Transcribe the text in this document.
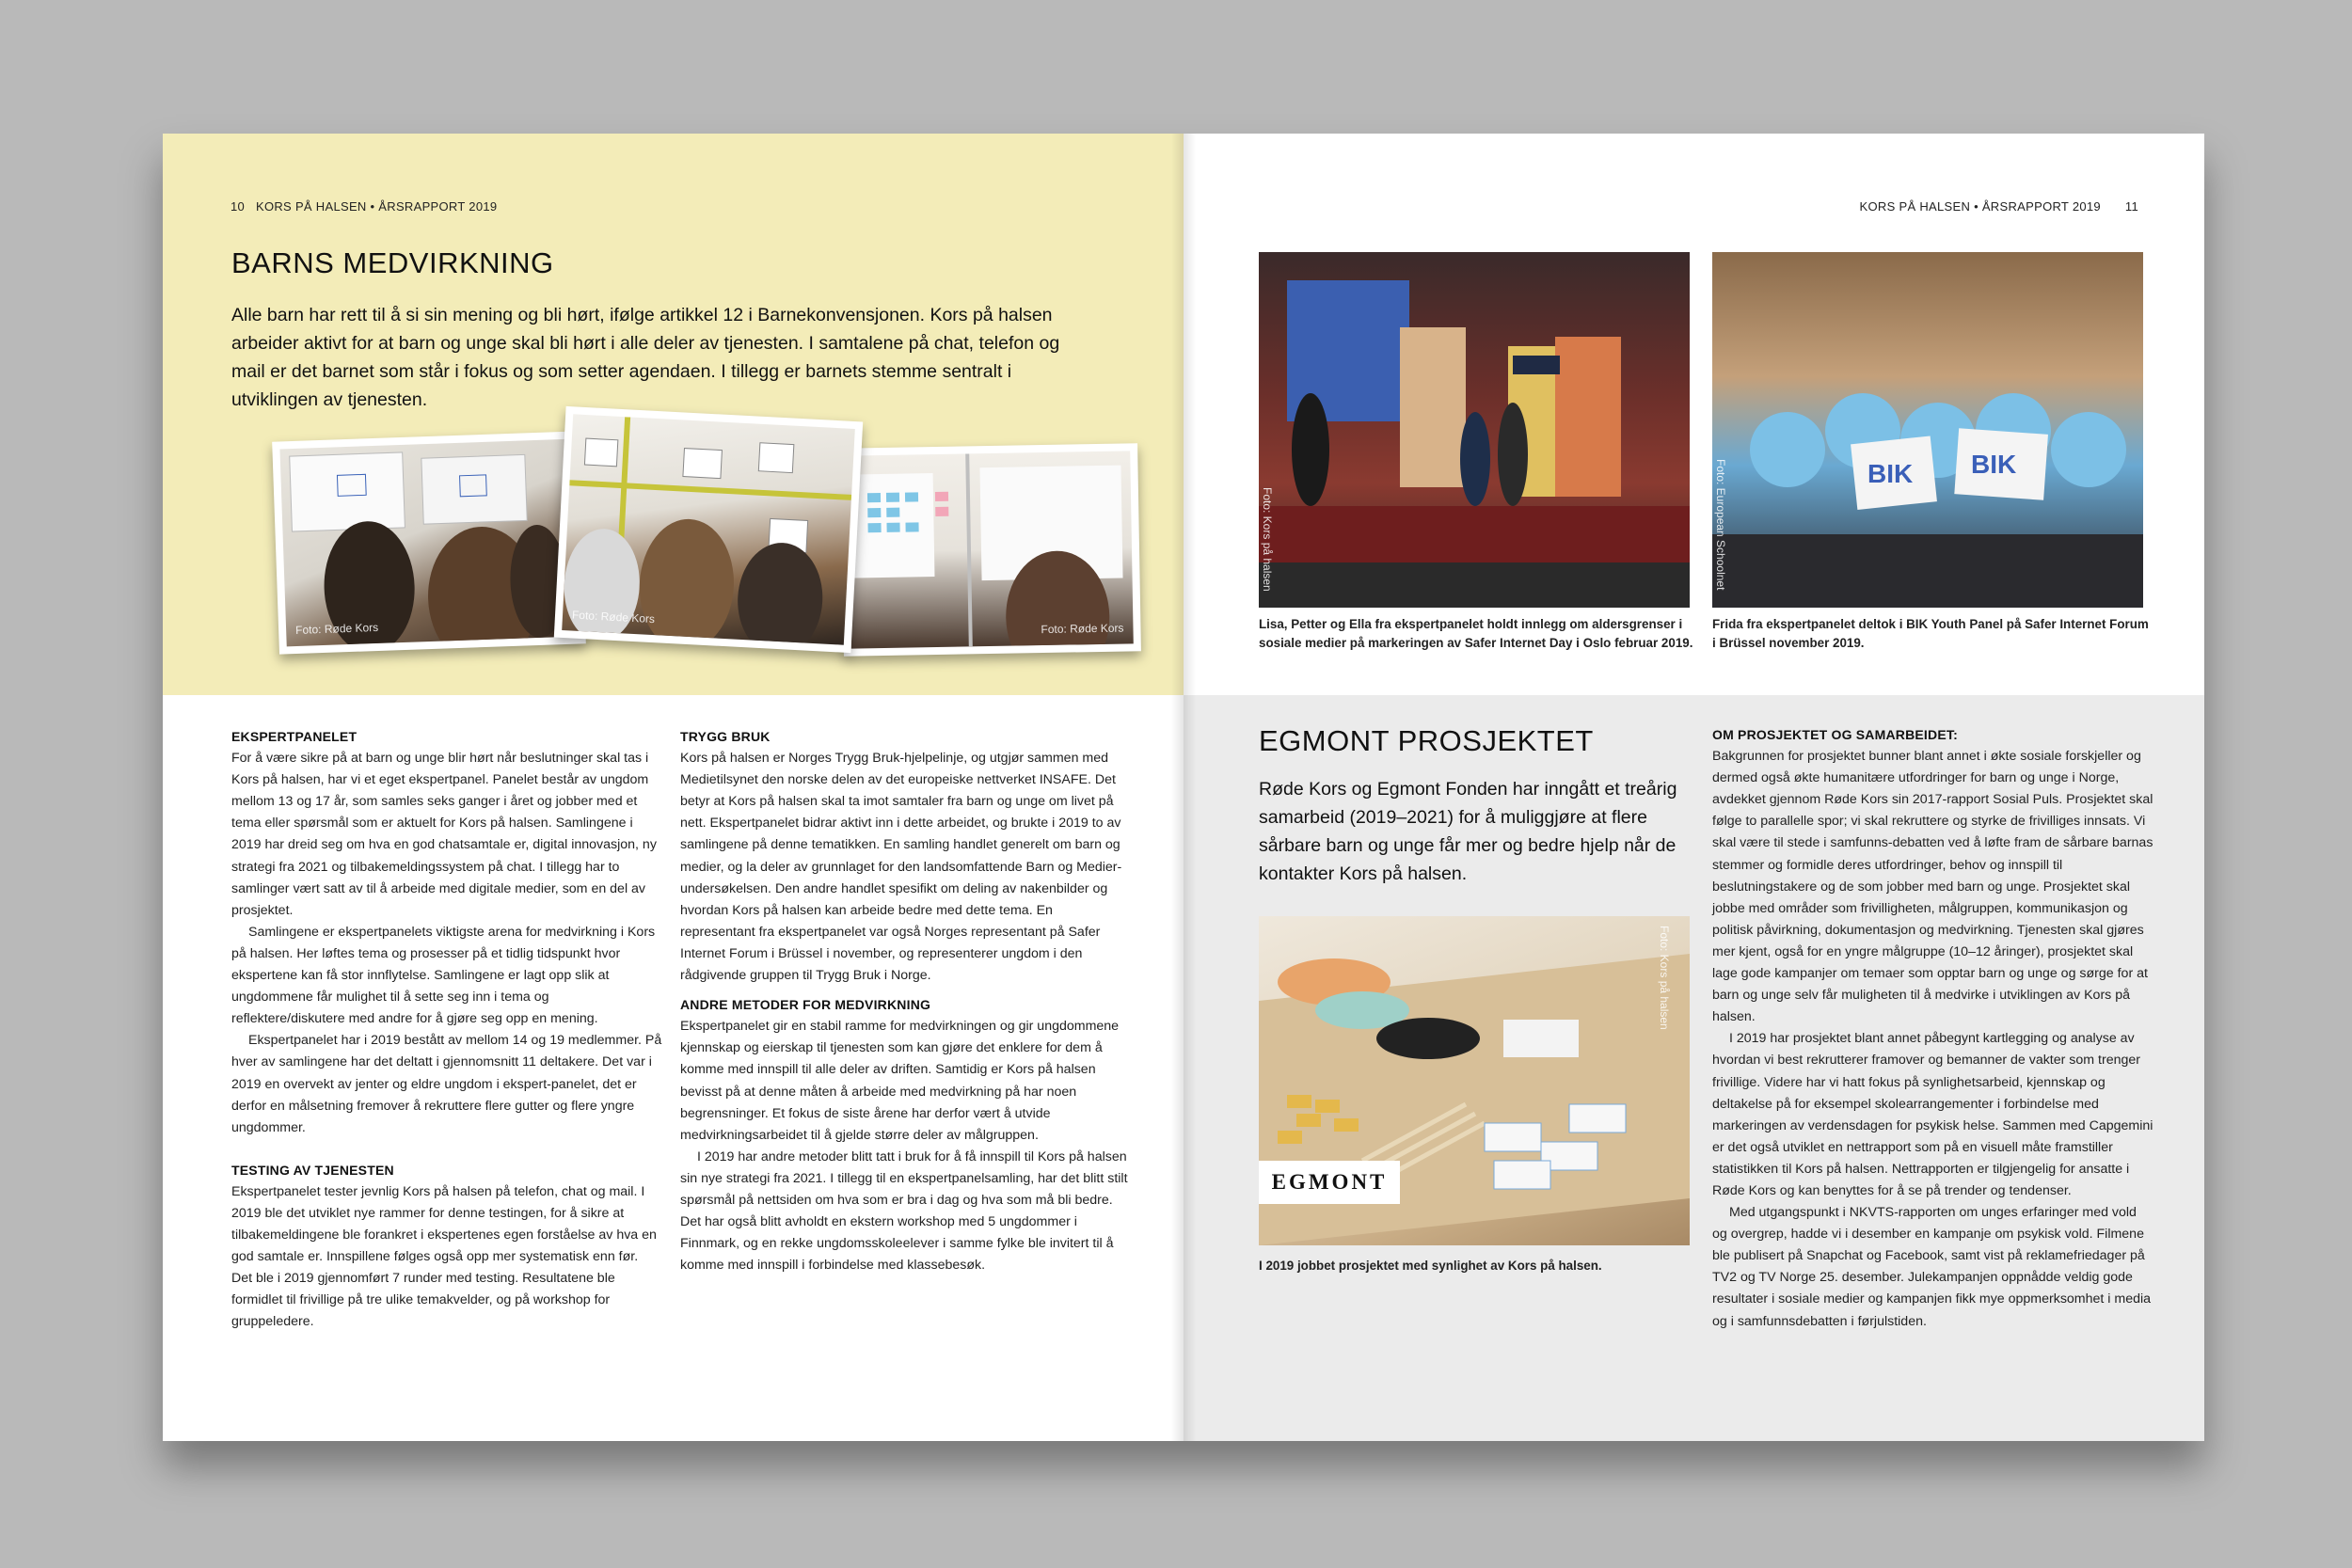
10 KORS PÅ HALSEN • ÅRSRAPPORT 2019
BARNS MEDVIRKNING

Alle barn har rett til å si sin mening og bli hørt, ifølge artikkel 12 i Barnekonvensjonen. Kors på halsen arbeider aktivt for at barn og unge skal bli hørt i alle deler av tjenesten. I samtalene på chat, telefon og mail er det barnet som står i fokus og som setter agendaen. I tillegg er barnets stemme sentralt i utviklingen av tjenesten.

Foto: Røde Kors
Foto: Røde Kors
Foto: Røde Kors
EKSPERTPANELET

For å være sikre på at barn og unge blir hørt når beslutninger skal tas i Kors på halsen, har vi et eget ekspertpanel. Panelet består av ungdom mellom 13 og 17 år, som samles seks ganger i året og jobber med et tema eller spørsmål som er aktuelt for Kors på halsen. Samlingene i 2019 har dreid seg om hva en god chatsamtale er, digital innovasjon, ny strategi fra 2021 og tilbakemeldingssystem på chat. I tillegg har to samlinger vært satt av til å arbeide med digitale medier, som en del av prosjektet.

Samlingene er ekspertpanelets viktigste arena for medvirkning i Kors på halsen. Her løftes tema og prosesser på et tidlig tidspunkt hvor ekspertene kan få stor innflytelse. Samlingene er lagt opp slik at ungdommene får mulighet til å sette seg inn i tema og reflektere/diskutere med andre for å gjøre seg opp en mening.

Ekspertpanelet har i 2019 bestått av mellom 14 og 19 medlemmer. På hver av samlingene har det deltatt i gjennomsnitt 11 deltakere. Det var i 2019 en overvekt av jenter og eldre ungdom i ekspert-panelet, det er derfor en målsetning fremover å rekruttere flere gutter og flere yngre ungdommer.

TESTING AV TJENESTEN

Ekspertpanelet tester jevnlig Kors på halsen på telefon, chat og mail. I 2019 ble det utviklet nye rammer for denne testingen, for å sikre at tilbakemeldingene ble forankret i ekspertenes egen forståelse av hva en god samtale er. Innspillene følges også opp mer systematisk enn før. Det ble i 2019 gjennomført 7 runder med testing. Resultatene ble formidlet til frivillige på tre ulike temakvelder, og på workshop for gruppeledere.

TRYGG BRUK

Kors på halsen er Norges Trygg Bruk-hjelpelinje, og utgjør sammen med Medietilsynet den norske delen av det europeiske nettverket INSAFE. Det betyr at Kors på halsen skal ta imot samtaler fra barn og unge om livet på nett. Ekspertpanelet bidrar aktivt inn i dette arbeidet, og brukte i 2019 to av samlingene på denne tematikken. En samling handlet generelt om barn og medier, og la deler av grunnlaget for den landsomfattende Barn og Medier-undersøkelsen. Den andre handlet spesifikt om deling av nakenbilder og hvordan Kors på halsen kan arbeide bedre med dette tema. En representant fra ekspertpanelet var også Norges representant på Safer Internet Forum i Brüssel i november, og representerer ungdom i den rådgivende gruppen til Trygg Bruk i Norge.

ANDRE METODER FOR MEDVIRKNING

Ekspertpanelet gir en stabil ramme for medvirkningen og gir ungdommene kjennskap og eierskap til tjenesten som kan gjøre det enklere for dem å komme med innspill til alle deler av driften. Samtidig er Kors på halsen bevisst på at denne måten å arbeide med medvirkning på har noen begrensninger. Et fokus de siste årene har derfor vært å utvide medvirkningsarbeidet til å gjelde større deler av målgruppen.

I 2019 har andre metoder blitt tatt i bruk for å få innspill til Kors på halsen sin nye strategi fra 2021. I tillegg til en ekspertpanelsamling, har det blitt stilt spørsmål på nettsiden om hva som er bra i dag og hva som må bli bedre. Det har også blitt avholdt en ekstern workshop med 5 ungdommer i Finnmark, og en rekke ungdomsskoleelever i samme fylke ble invitert til å komme med innspill i forbindelse med klassebesøk.

KORS PÅ HALSEN • ÅRSRAPPORT 2019 11
Foto: Kors på halsen
Lisa, Petter og Ella fra ekspertpanelet holdt innlegg om aldersgrenser i sosiale medier på markeringen av Safer Internet Day i Oslo februar 2019.
BIK BIK
Foto: European Schoolnet
Frida fra ekspertpanelet deltok i BIK Youth Panel på Safer Internet Forum i Brüssel november 2019.
EGMONT PROSJEKTET

Røde Kors og Egmont Fonden har inngått et treårig samarbeid (2019–2021) for å muliggjøre at flere sårbare barn og unge får mer og bedre hjelp når de kontakter Kors på halsen.

EGMONT
I 2019 jobbet prosjektet med synlighet av Kors på halsen.
OM PROSJEKTET OG SAMARBEIDET:

Bakgrunnen for prosjektet bunner blant annet i økte sosiale forskjeller og dermed også økte humanitære utfordringer for barn og unge i Norge, avdekket gjennom Røde Kors sin 2017-rapport Sosial Puls. Prosjektet skal følge to parallelle spor; vi skal rekruttere og styrke de frivilliges innsats. Vi skal være til stede i samfunns-debatten ved å løfte fram de sårbare barnas stemmer og formidle deres utfordringer, behov og innspill til beslutningstakere og de som jobber med barn og unge. Prosjektet skal jobbe med områder som frivilligheten, målgruppen, kommunikasjon og politisk påvirkning, dokumentasjon og medvirkning. Tjenesten skal gjøres mer kjent, også for en yngre målgruppe (10–12 åringer), prosjektet skal lage gode kampanjer om temaer som opptar barn og unge og sørge for at barn og unge selv får muligheten til å medvirke i utviklingen av Kors på halsen.

I 2019 har prosjektet blant annet påbegynt kartlegging og analyse av hvordan vi best rekrutterer framover og bemanner de vakter som trenger frivillige. Videre har vi hatt fokus på synlighetsarbeid, kjennskap og deltakelse på for eksempel skolearrangementer i forbindelse med markeringen av verdensdagen for psykisk helse. Sammen med Capgemini er det også utviklet en nettrapport som på en visuell måte framstiller statistikken til Kors på halsen. Nettrapporten er tilgjengelig for ansatte i Røde Kors og kan benyttes for å se på trender og tendenser.

Med utgangspunkt i NKVTS-rapporten om unges erfaringer med vold og overgrep, hadde vi i desember en kampanje om psykisk vold. Filmene ble publisert på Snapchat og Facebook, samt vist på reklamefriedager på TV2 og TV Norge 25. desember. Julekampanjen oppnådde veldig gode resultater i sosiale medier og kampanjen fikk mye oppmerksomhet i media og i samfunnsdebatten i førjulstiden.
